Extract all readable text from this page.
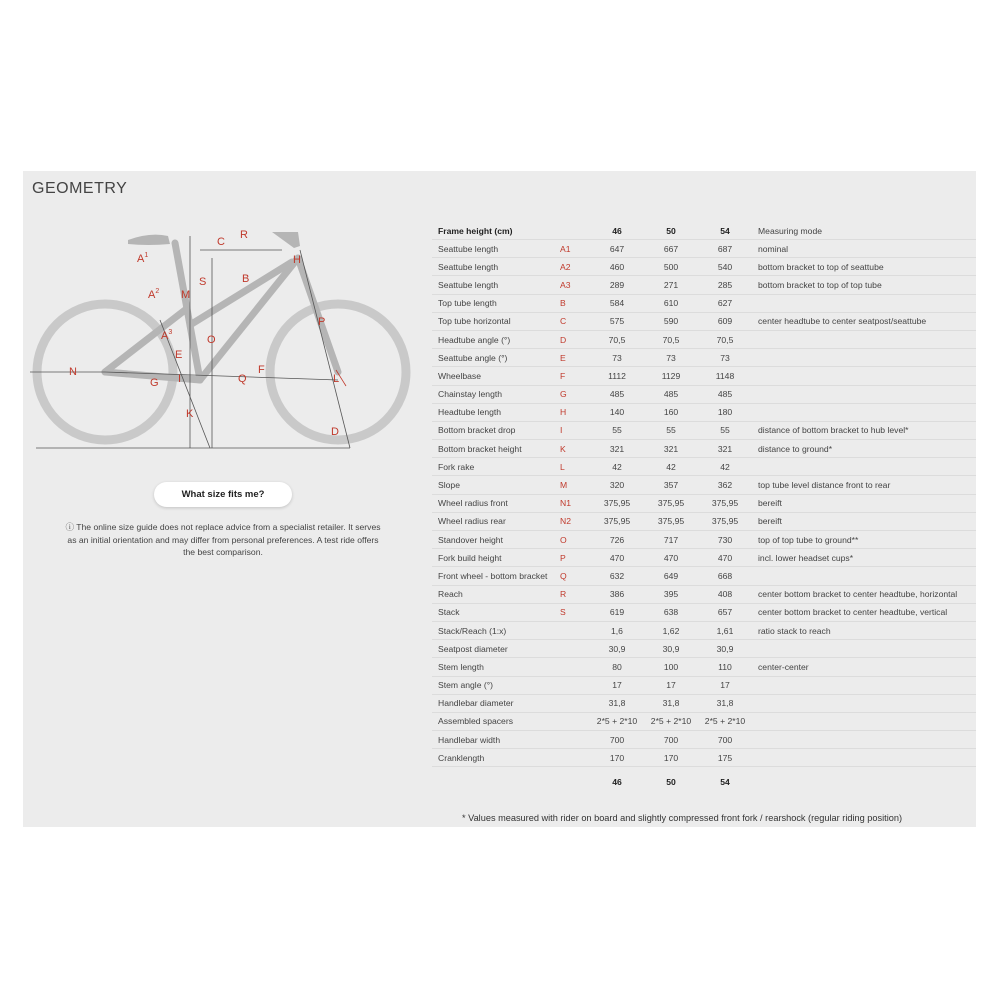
GEOMETRY
$A^1$
$A^2$ M
S
C
R
H
B
P
O
$A^3$
E
N
G I
F
Q	L
K
D
What size fits me?
ⓘ The online size guide does not replace advice from a specialist retailer. It serves as an initial orientation and may differ from personal preferences. A test ride offers the best comparison.
Frame height (cm)		46	50	54	Measuring mode
Seattube length	A1	647	667	687	nominal
Seattube length	A2	460	500	540	bottom bracket to top of seattube
Seattube length	A3	289	271	285	bottom bracket to top of top tube
Top tube length	B	584	610	627	
Top tube horizontal	C	575	590	609	center headtube to center seatpost/seattube
Headtube angle (°)	D	70,5	70,5	70,5	
Seattube angle (°)	E	73	73	73	
Wheelbase	F	1112	1129	1148	
Chainstay length	G	485	485	485	
Headtube length	H	140	160	180	
Bottom bracket drop	I	55	55	55	distance of bottom bracket to hub level*
Bottom bracket height	K	321	321	321	distance to ground*
Fork rake	L	42	42	42	
Slope	M	320	357	362	top tube level distance front to rear
Wheel radius front	N1	375,95	375,95	375,95	bereift
Wheel radius rear	N2	375,95	375,95	375,95	bereift
Standover height	O	726	717	730	top of top tube to ground**
Fork build height	P	470	470	470	incl. lower headset cups*
Front wheel - bottom bracket	Q	632	649	668	
Reach	R	386	395	408	center bottom bracket to center headtube, horizontal
Stack	S	619	638	657	center bottom bracket to center headtube, vertical
Stack/Reach (1:x)		1,6	1,62	1,61	ratio stack to reach
Seatpost diameter		30,9	30,9	30,9	
Stem length		80	100	110	center-center
Stem angle (°)		17	17	17	
Handlebar diameter		31,8	31,8	31,8	
Assembled spacers		2*5 + 2*10	2*5 + 2*10	2*5 + 2*10	
Handlebar width		700	700	700	
Cranklength		170	170	175	
		46	50	54	
* Values measured with rider on board and slightly compressed front fork / rearshock (regular riding position)
